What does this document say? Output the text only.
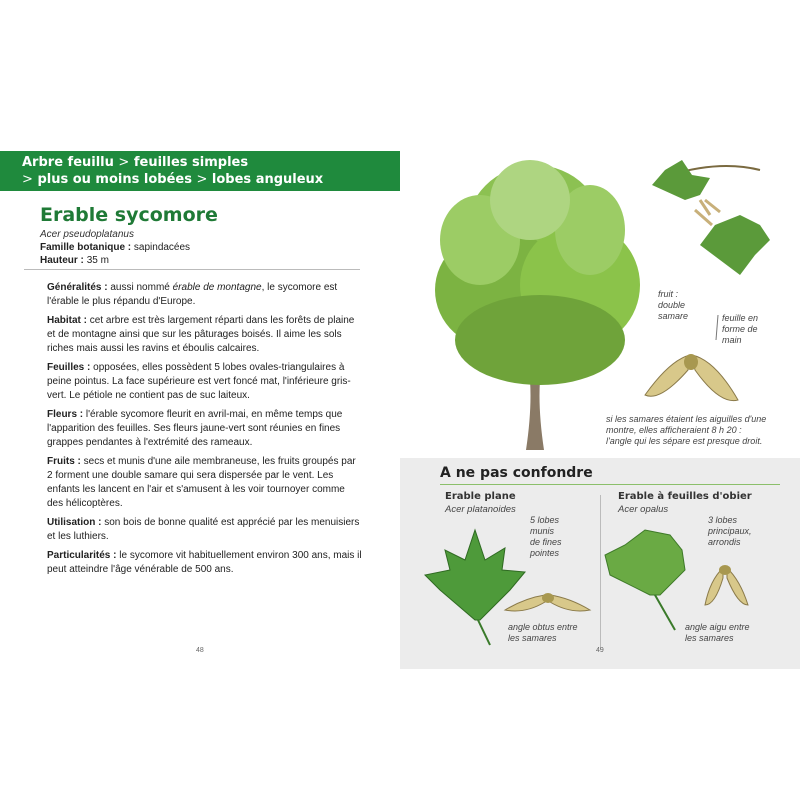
Arbre feuillu > feuilles simples
> plus ou moins lobées > lobes anguleux
Erable sycomore
Acer pseudoplatanus
Famille botanique : sapindacées
Hauteur : 35 m

Généralités : aussi nommé érable de montagne, le sycomore est l'érable le plus répandu d'Europe.

Habitat : cet arbre est très largement réparti dans les forêts de plaine et de montagne ainsi que sur les pâturages boisés. Il aime les sols riches mais aussi les ravins et éboulis calcaires.

Feuilles : opposées, elles possèdent 5 lobes ovales-triangulaires à peine pointus. La face supérieure est vert foncé mat, l'inférieure gris-vert. Le pétiole ne contient pas de suc laiteux.

Fleurs : l'érable sycomore fleurit en avril-mai, en même temps que l'apparition des feuilles. Ses fleurs jaune-vert sont réunies en fines grappes pendantes à l'extrémité des rameaux.

Fruits : secs et munis d'une aile membraneuse, les fruits groupés par 2 forment une double samare qui sera dispersée par le vent. Les enfants les lancent en l'air et s'amusent à les voir tournoyer comme des hélicoptères.

Utilisation : son bois de bonne qualité est apprécié par les menuisiers et les luthiers.

Particularités : le sycomore vit habituellement environ 300 ans, mais il peut atteindre l'âge vénérable de 500 ans.

48
fruit :
double
samare	feuille en
forme de
main
si les samares étaient les aiguilles d'une
montre, elles afficheraient 8 h 20 :
l'angle qui les sépare est presque droit.
A ne pas confondre
Erable plane
Acer platanoides
5 lobes
munis
de fines
pointes
angle obtus entre
les samares
Erable à feuilles d'obier
Acer opalus
3 lobes
principaux,
arrondis
angle aigu entre
les samares
49
